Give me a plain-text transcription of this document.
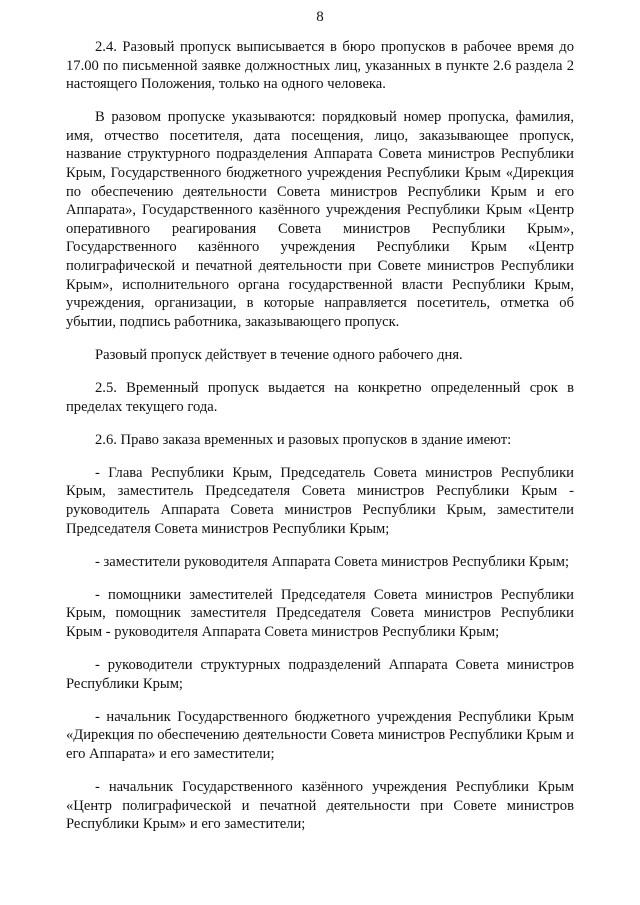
8

2.4. Разовый пропуск выписывается в бюро пропусков в рабочее время до 17.00 по письменной заявке должностных лиц, указанных в пункте 2.6 раздела 2 настоящего Положения, только на одного человека.

В разовом пропуске указываются: порядковый номер пропуска, фамилия, имя, отчество посетителя, дата посещения, лицо, заказывающее пропуск, название структурного подразделения Аппарата Совета министров Республики Крым, Государственного бюджетного учреждения Республики Крым «Дирекция по обеспечению деятельности Совета министров Республики Крым и его Аппарата», Государственного казённого учреждения Республики Крым «Центр оперативного реагирования Совета министров Республики Крым», Государственного казённого учреждения Республики Крым «Центр полиграфической и печатной деятельности при Совете министров Республики Крым», исполнительного органа государственной власти Республики Крым, учреждения, организации, в которые направляется посетитель, отметка об убытии, подпись работника, заказывающего пропуск.

Разовый пропуск действует в течение одного рабочего дня.

2.5. Временный пропуск выдается на конкретно определенный срок в пределах текущего года.

2.6. Право заказа временных и разовых пропусков в здание имеют:

- Глава Республики Крым, Председатель Совета министров Республики Крым, заместитель Председателя Совета министров Республики Крым - руководитель Аппарата Совета министров Республики Крым, заместители Председателя Совета министров Республики Крым;

- заместители руководителя Аппарата Совета министров Республики Крым;

- помощники заместителей Председателя Совета министров Республики Крым, помощник заместителя Председателя Совета министров Республики Крым - руководителя Аппарата Совета министров Республики Крым;

- руководители структурных подразделений Аппарата Совета министров Республики Крым;

- начальник Государственного бюджетного учреждения Республики Крым «Дирекция по обеспечению деятельности Совета министров Республики Крым и его Аппарата» и его заместители;

- начальник Государственного казённого учреждения Республики Крым «Центр полиграфической и печатной деятельности при Совете министров Республики Крым» и его заместители;
